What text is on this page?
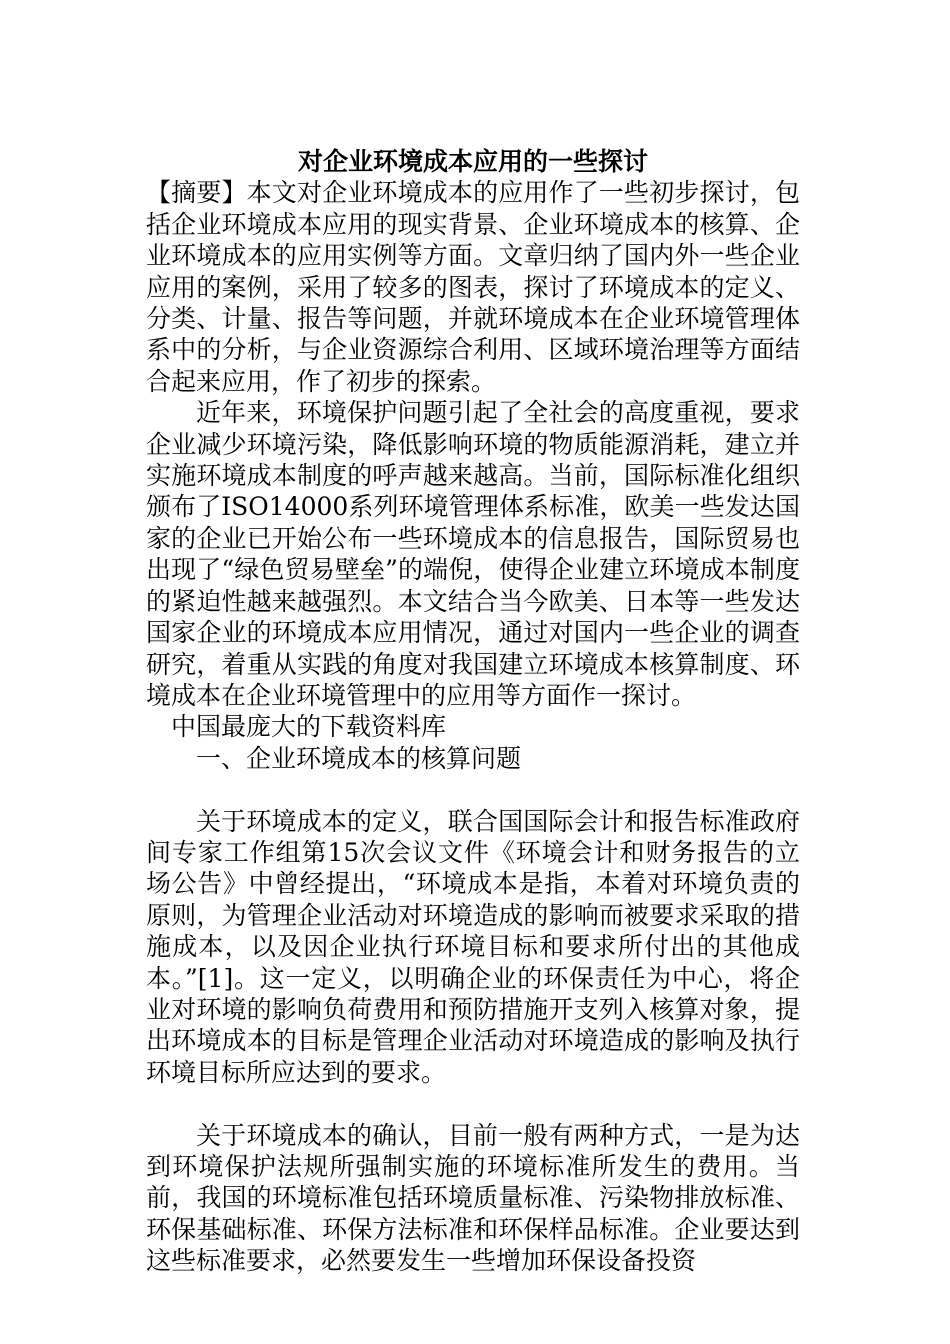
对企业环境成本应用的一些探讨

【摘要】本文对企业环境成本的应用作了一些初步探讨，包括企业环境成本应用的现实背景、企业环境成本的核算、企业环境成本的应用实例等方面。文章归纳了国内外一些企业应用的案例，采用了较多的图表，探讨了环境成本的定义、分类、计量、报告等问题，并就环境成本在企业环境管理体系中的分析，与企业资源综合利用、区域环境治理等方面结合起来应用，作了初步的探索。

近年来，环境保护问题引起了全社会的高度重视，要求企业减少环境污染，降低影响环境的物质能源消耗，建立并实施环境成本制度的呼声越来越高。当前，国际标准化组织颁布了ISO14000系列环境管理体系标准，欧美一些发达国家的企业已开始公布一些环境成本的信息报告，国际贸易也出现了“绿色贸易壁垒”的端倪，使得企业建立环境成本制度的紧迫性越来越强烈。本文结合当今欧美、日本等一些发达国家企业的环境成本应用情况，通过对国内一些企业的调查研究，着重从实践的角度对我国建立环境成本核算制度、环境成本在企业环境管理中的应用等方面作一探讨。

中国最庞大的下载资料库

一、企业环境成本的核算问题

关于环境成本的定义，联合国国际会计和报告标准政府间专家工作组第15次会议文件《环境会计和财务报告的立场公告》中曾经提出，“环境成本是指，本着对环境负责的原则，为管理企业活动对环境造成的影响而被要求采取的措施成本，以及因企业执行环境目标和要求所付出的其他成本。”[1]。这一定义，以明确企业的环保责任为中心，将企业对环境的影响负荷费用和预防措施开支列入核算对象，提出环境成本的目标是管理企业活动对环境造成的影响及执行环境目标所应达到的要求。

关于环境成本的确认，目前一般有两种方式，一是为达到环境保护法规所强制实施的环境标准所发生的费用。当前，我国的环境标准包括环境质量标准、污染物排放标准、环保基础标准、环保方法标准和环保样品标准。企业要达到这些标准要求，必然要发生一些增加环保设备投资
